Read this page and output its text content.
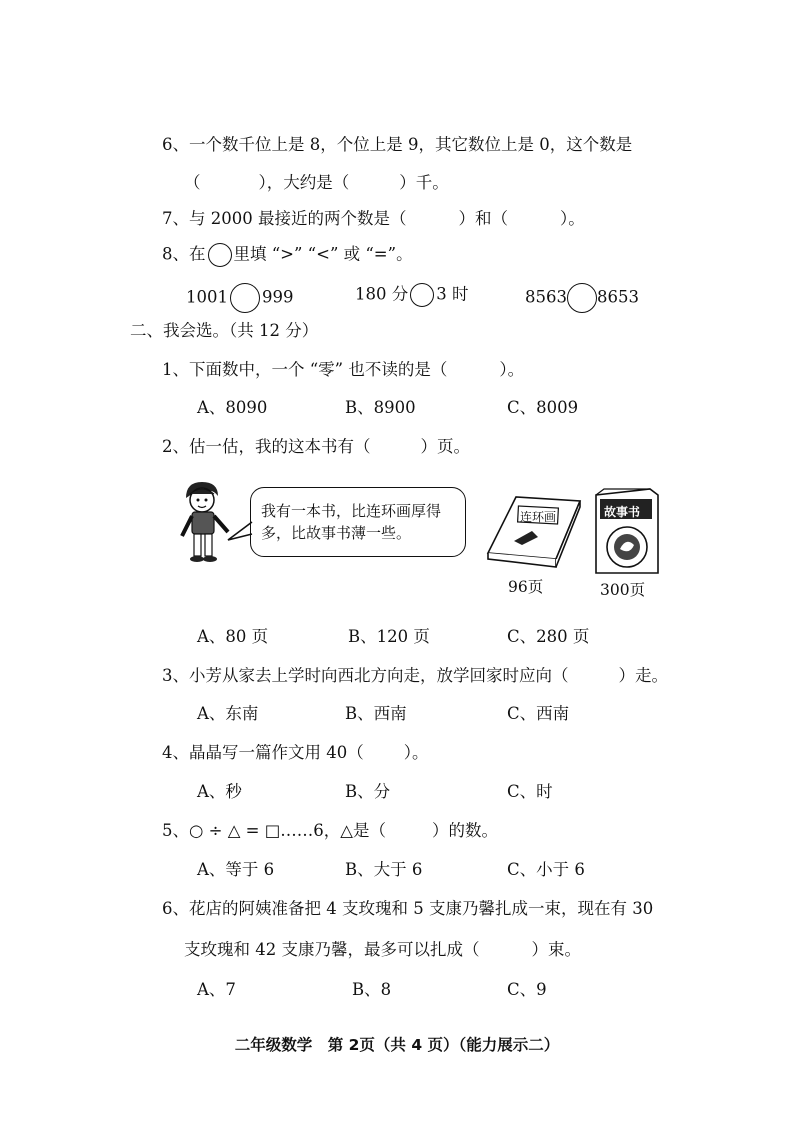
6、一个数千位上是 8，个位上是 9，其它数位上是 0，这个数是
（	），大约是（	）千。
7、与 2000 最接近的两个数是（	）和（	）。
8、在 里填 “>” “<” 或 “=”。
1001 999	180 分 3 时	8563 8653
二、我会选。（共 12 分）
1、下面数中，一个 “零” 也不读的是（	）。
A、8090	B、8900	C、8009
2、估一估，我的这本书有（	）页。
我有一本书，比连环画厚得
多，比故事书薄一些。
连环画
96页
故事书
300页
A、80 页	B、120 页	C、280 页
3、小芳从家去上学时向西北方向走，放学回家时应向（	）走。
A、东南	B、西南	C、西南
4、晶晶写一篇作文用 40（ ）。
A、秒	B、分	C、时
5、○ ÷ △ = □……6，△是（	）的数。
A、等于 6	B、大于 6	C、小于 6
6、花店的阿姨准备把 4 支玫瑰和 5 支康乃馨扎成一束，现在有 30
支玫瑰和 42 支康乃馨，最多可以扎成（	）束。
A、7	B、8	C、9
二年级数学　第 2页（共 4 页）（能力展示二）
